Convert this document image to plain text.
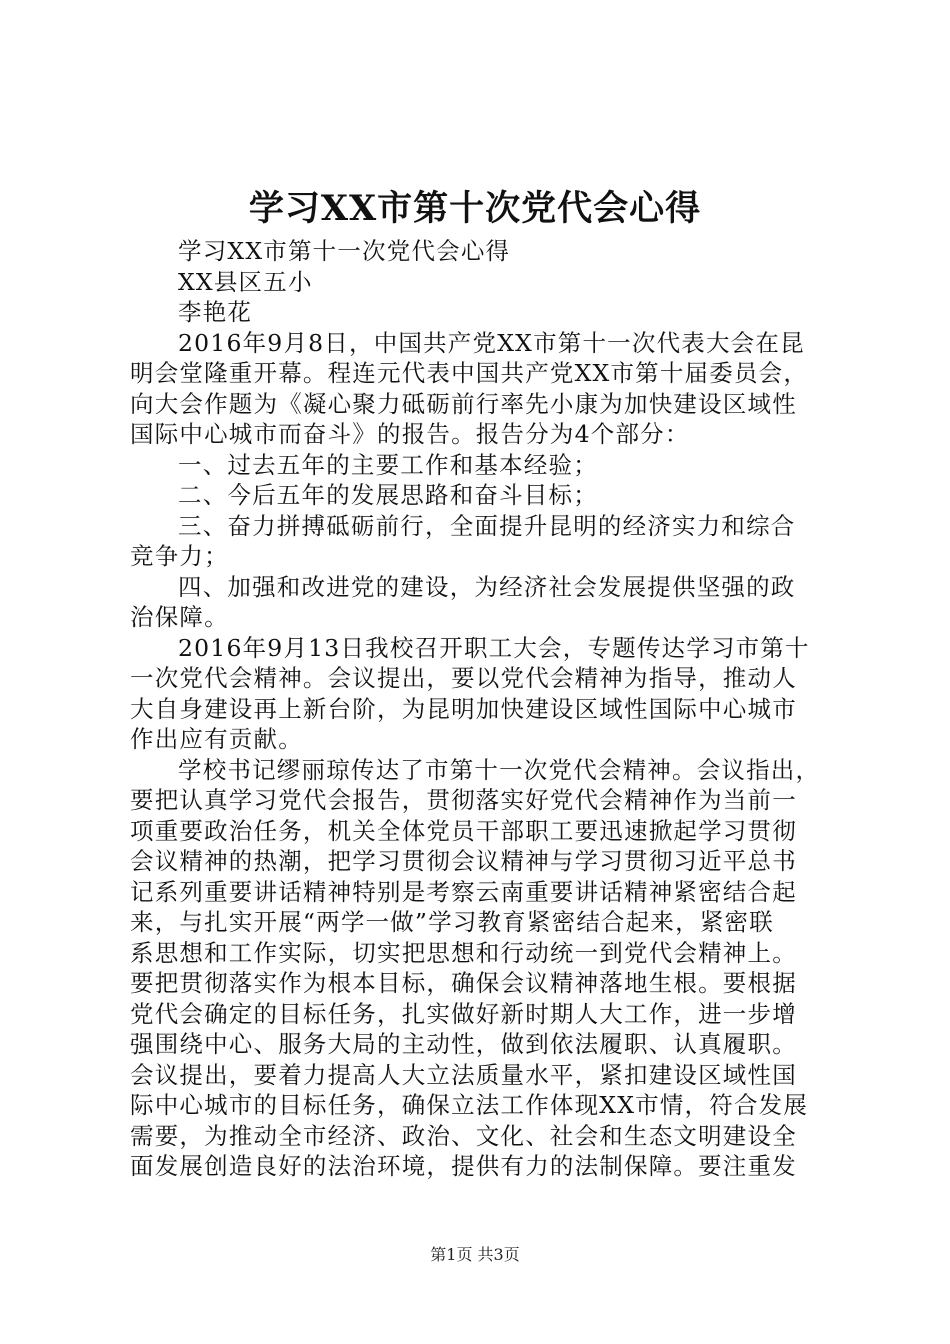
学习XX市第十次党代会心得
学习XX市第十一次党代会心得
XX县区五小
李艳花
2016年9月8日，中国共产党XX市第十一次代表大会在昆
明会堂隆重开幕。程连元代表中国共产党XX市第十届委员会，
向大会作题为《凝心聚力砥砺前行率先小康为加快建设区域性
国际中心城市而奋斗》的报告。报告分为4个部分：
一、过去五年的主要工作和基本经验；
二、今后五年的发展思路和奋斗目标；
三、奋力拼搏砥砺前行，全面提升昆明的经济实力和综合
竞争力；
四、加强和改进党的建设，为经济社会发展提供坚强的政
治保障。
2016年9月13日我校召开职工大会，专题传达学习市第十
一次党代会精神。会议提出，要以党代会精神为指导，推动人
大自身建设再上新台阶，为昆明加快建设区域性国际中心城市
作出应有贡献。
学校书记缪丽琼传达了市第十一次党代会精神。会议指出，
要把认真学习党代会报告，贯彻落实好党代会精神作为当前一
项重要政治任务，机关全体党员干部职工要迅速掀起学习贯彻
会议精神的热潮，把学习贯彻会议精神与学习贯彻习近平总书
记系列重要讲话精神特别是考察云南重要讲话精神紧密结合起
来，与扎实开展“两学一做”学习教育紧密结合起来，紧密联
系思想和工作实际，切实把思想和行动统一到党代会精神上。
要把贯彻落实作为根本目标，确保会议精神落地生根。要根据
党代会确定的目标任务，扎实做好新时期人大工作，进一步增
强围绕中心、服务大局的主动性，做到依法履职、认真履职。
会议提出，要着力提高人大立法质量水平，紧扣建设区域性国
际中心城市的目标任务，确保立法工作体现XX市情，符合发展
需要，为推动全市经济、政治、文化、社会和生态文明建设全
面发展创造良好的法治环境，提供有力的法制保障。要注重发
第1页 共3页
